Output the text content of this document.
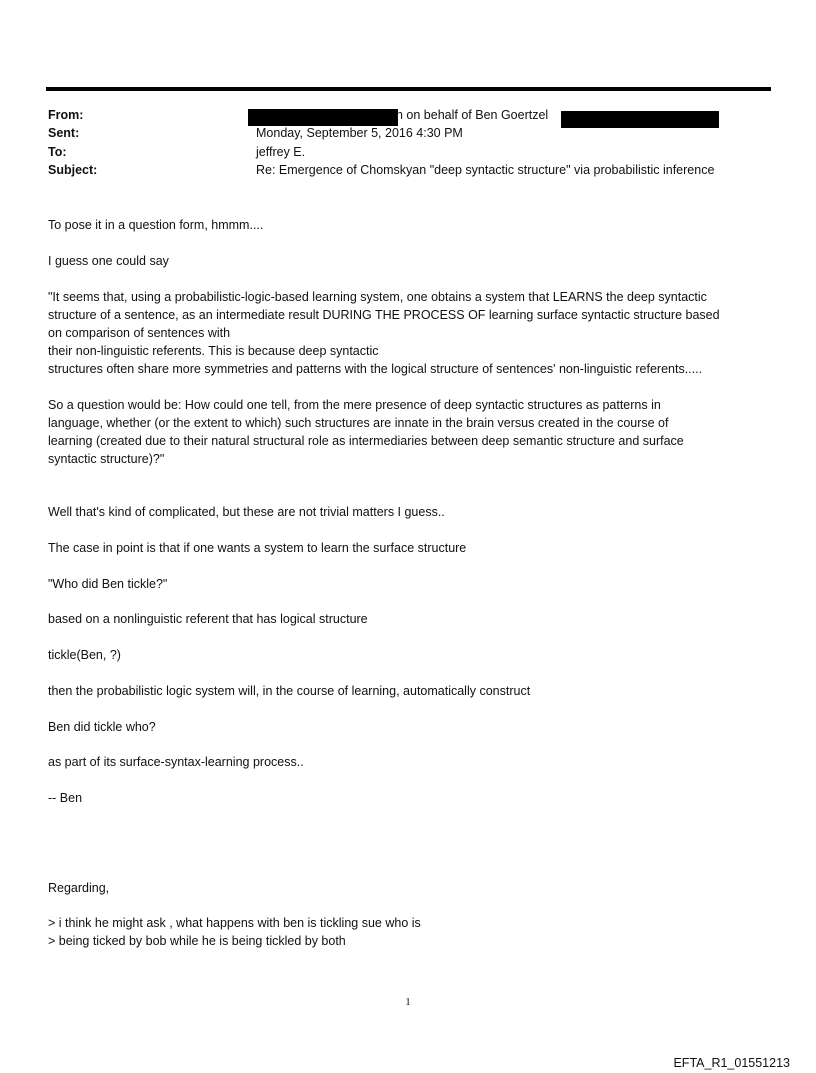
From:	h on behalf of Ben Goertzel
Sent:	Monday, September 5, 2016 4:30 PM
To:	jeffrey E.
Subject:	Re: Emergence of Chomskyan "deep syntactic structure" via probabilistic inference
To pose it in a question form, hmmm....
I guess one could say

"It seems that, using a probabilistic-logic-based learning system, one obtains a system that LEARNS the deep syntactic

structure of a sentence, as an intermediate result DURING THE PROCESS OF learning surface syntactic structure based

on comparison of sentences with

their non-linguistic referents. This is because deep syntactic

structures often share more symmetries and patterns with the logical structure of sentences' non-linguistic referents.....

So a question would be: How could one tell, from the mere presence of deep syntactic structures as patterns in

language, whether (or the extent to which) such structures are innate in the brain versus created in the course of

learning (created due to their natural structural role as intermediaries between deep semantic structure and surface

syntactic structure)?"

Well that's kind of complicated, but these are not trivial matters I guess..
The case in point is that if one wants a system to learn the surface structure
"Who did Ben tickle?"
based on a nonlinguistic referent that has logical structure
tickle(Ben, ?)
then the probabilistic logic system will, in the course of learning, automatically construct
Ben did tickle who?
as part of its surface-syntax-learning process..
-- Ben
Regarding,

> i think he might ask , what happens with ben is tickling sue who is

> being ticked by bob while he is being tickled by both

1
EFTA_R1_01551213
